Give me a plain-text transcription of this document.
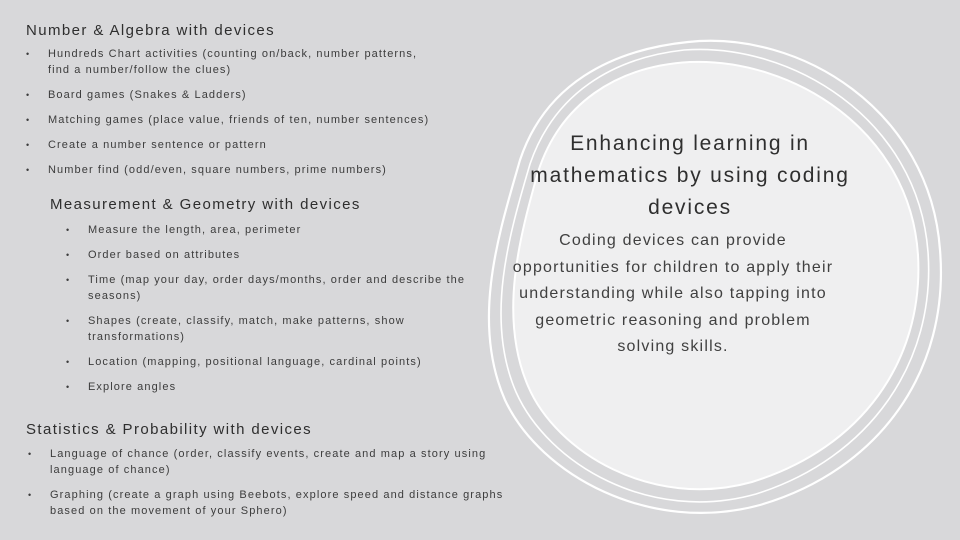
Number & Algebra with devices
• Hundreds Chart activities (counting on/back, number patterns, find a number/follow the clues)
• Board games (Snakes & Ladders)
• Matching games (place value, friends of ten, number sentences)
• Create a number sentence or pattern
• Number find (odd/even, square numbers, prime numbers)
Measurement & Geometry with devices
• Measure the length, area, perimeter
• Order based on attributes
• Time (map your day, order days/months, order and describe the seasons)
• Shapes (create, classify, match, make patterns, show transformations)
• Location (mapping, positional language, cardinal points)
• Explore angles
Statistics & Probability with devices
• Language of chance (order, classify events, create and map a story using language of chance)
• Graphing (create a graph using Beebots, explore speed and distance graphs based on the movement of your Sphero)
Enhancing learning in mathematics by using coding devices

Coding devices can provide opportunities for children to apply their understanding while also tapping into geometric reasoning and problem solving skills.
